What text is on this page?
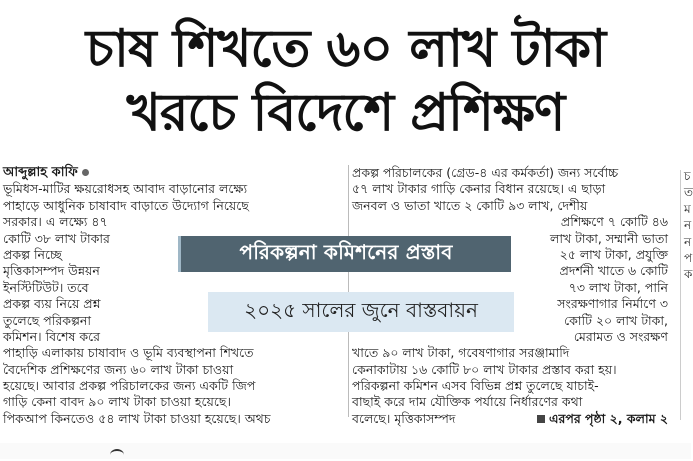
চাষ শিখতে ৬০ লাখ টাকা
খরচে বিদেশে প্রশিক্ষণ
আব্দুল্লাহ কাফি
ভূমিধস-মাটির ক্ষয়রোধসহ আবাদ বাড়ানোর লক্ষ্যে
পাহাড়ে আধুনিক চাষাবাদ বাড়াতে উদ্যোগ নিয়েছে
সরকার। এ লক্ষ্যে ৪৭
কোটি ৩৮ লাখ টাকার
প্রকল্প নিচ্ছে
মৃত্তিকাসম্পদ উন্নয়ন
ইনস্টিটিউট। তবে
প্রকল্প ব্যয় নিয়ে প্রশ্ন
তুলেছে পরিকল্পনা
কমিশন। বিশেষ করে
পাহাড়ি এলাকায় চাষাবাদ ও ভূমি ব্যবস্থাপনা শিখতে
বৈদেশিক প্রশিক্ষণের জন্য ৬০ লাখ টাকা চাওয়া
হয়েছে। আবার প্রকল্প পরিচালকের জন্য একটি জিপ
গাড়ি কেনা বাবদ ৯০ লাখ টাকা চাওয়া হয়েছে।
পিকআপ কিনতেও ৫৪ লাখ টাকা চাওয়া হয়েছে। অথচ
প্রকল্প পরিচালকের (গ্রেড-৪ এর কর্মকর্তা) জন্য সর্বোচ্চ
৫৭ লাখ টাকার গাড়ি কেনার বিধান রয়েছে। এ ছাড়া
জনবল ও ভাতা খাতে ২ কোটি ৯৩ লাখ, দেশীয়
প্রশিক্ষণে ৭ কোটি ৪৬
লাখ টাকা, সম্মানী ভাতা
২৫ লাখ টাকা, প্রযুক্তি
প্রদর্শনী খাতে ৬ কোটি
৭৩ লাখ টাকা, পানি
সংরক্ষণাগার নির্মাণে ৩
কোটি ২০ লাখ টাকা,
মেরামত ও সংরক্ষণ
খাতে ৯০ লাখ টাকা, গবেষণাগার সরঞ্জামাদি
কেনাকাটায় ১৬ কোটি ৮০ লাখ টাকার প্রস্তাব করা হয়।
পরিকল্পনা কমিশন এসব বিভিন্ন প্রশ্ন তুলেছে যাচাই-
বাছাই করে দাম যৌক্তিক পর্যায়ে নির্ধারণের কথা
বলেছে। মৃত্তিকাসম্পদ	এরপর পৃষ্ঠা ২, কলাম ২
পরিকল্পনা কমিশনের প্রস্তাব
২০২৫ সালের জুনে বাস্তবায়ন
চ
ত
ম
ন
ন
প
ক
